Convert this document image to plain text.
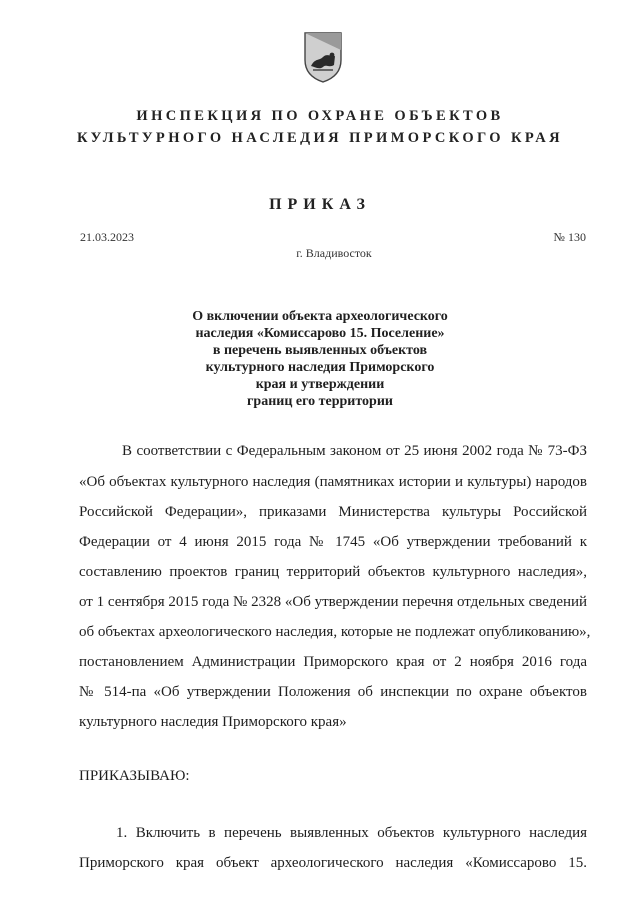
ИНСПЕКЦИЯ ПО ОХРАНЕ ОБЪЕКТОВ
КУЛЬТУРНОГО НАСЛЕДИЯ ПРИМОРСКОГО КРАЯ
ПРИКАЗ
21.03.2023	№ 130
г. Владивосток
О включении объекта археологического
наследия «Комиссарово 15. Поселение»
в перечень выявленных объектов
культурного наследия Приморского
края и утверждении
границ его территории
В соответствии с Федеральным законом от 25 июня 2002 года № 73-ФЗ
«Об объектах культурного наследия (памятниках истории и культуры) народов
Российской Федерации», приказами Министерства культуры Российской
Федерации от 4 июня 2015 года № 1745 «Об утверждении требований к
составлению проектов границ территорий объектов культурного наследия»,
от 1 сентября 2015 года № 2328 «Об утверждении перечня отдельных сведений
об объектах археологического наследия, которые не подлежат опубликованию»,
постановлением Администрации Приморского края от 2 ноября 2016 года
№ 514-па «Об утверждении Положения об инспекции по охране объектов
культурного наследия Приморского края»
ПРИКАЗЫВАЮ:
1. Включить в перечень выявленных объектов культурного наследия
Приморского края объект археологического наследия «Комиссарово 15.
